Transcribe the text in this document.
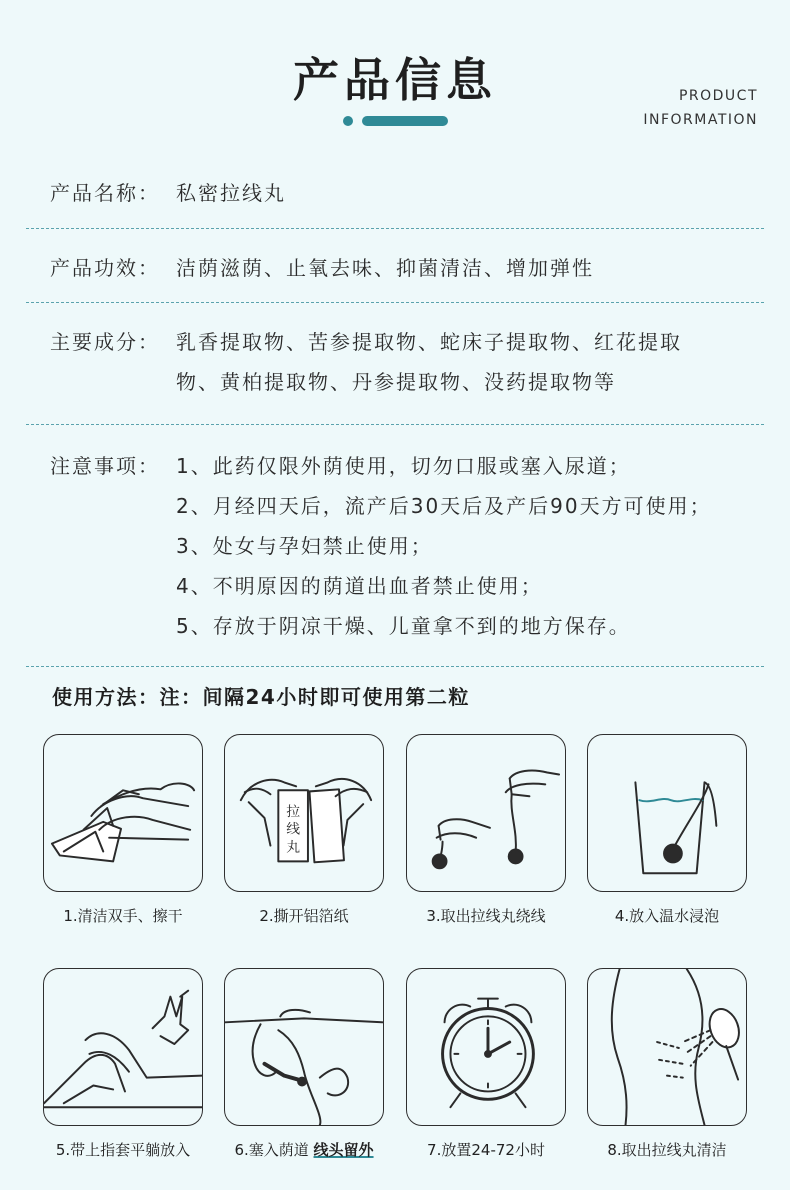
产品信息	PRODUCT
INFORMATION
产品名称： 私密拉线丸
产品功效： 洁荫滋荫、止氧去味、抑菌清洁、增加弹性
主要成分： 乳香提取物、苦参提取物、蛇床子提取物、红花提取
物、黄柏提取物、丹参提取物、没药提取物等
注意事项： 1、此药仅限外荫使用，切勿口服或塞入尿道；
2、月经四天后，流产后30天后及产后90天方可使用；
3、处女与孕妇禁止使用；
4、不明原因的荫道出血者禁止使用；
5、存放于阴凉干燥、儿童拿不到的地方保存。
使用方法：注：间隔24小时即可使用第二粒
1.清洁双手、擦干
拉
线
丸
2.撕开铝箔纸	3.取出拉线丸绕线	4.放入温水浸泡
5.带上指套平躺放入	6.塞入荫道 线头留外	7.放置24-72小时	8.取出拉线丸清洁
